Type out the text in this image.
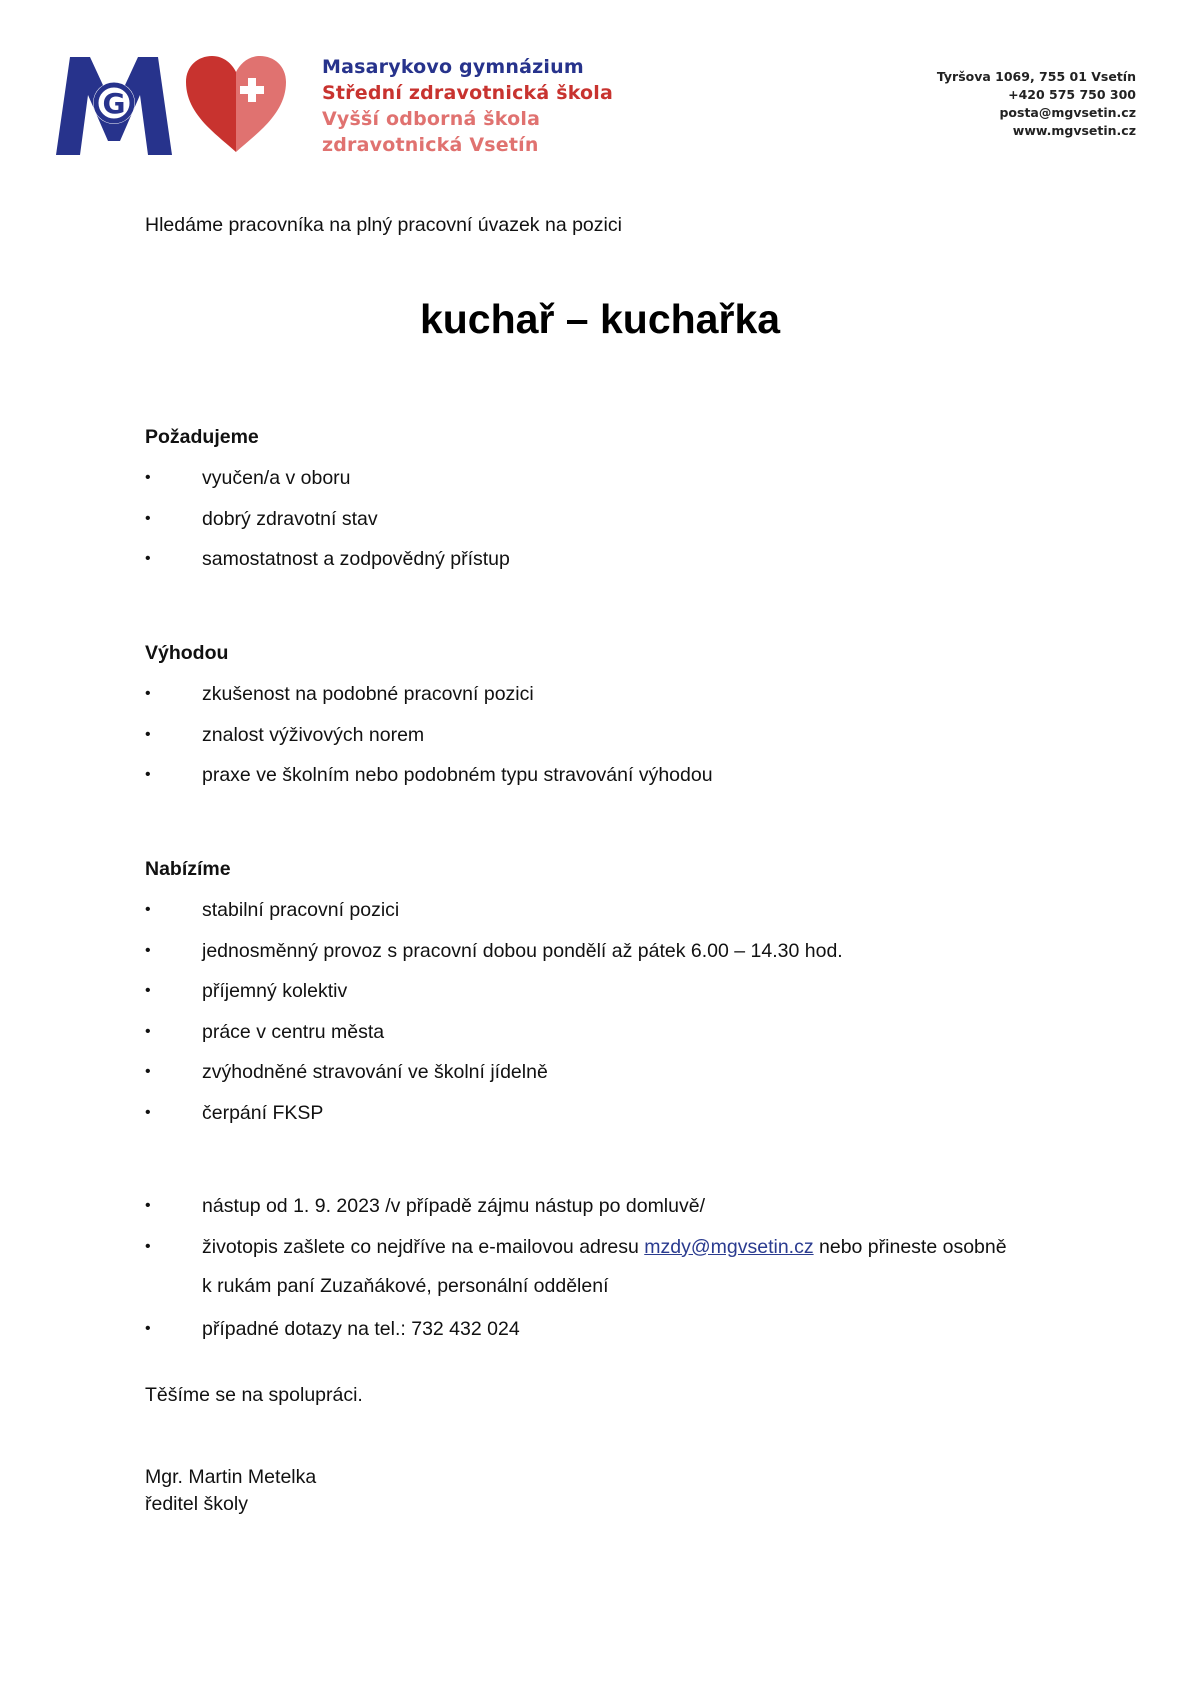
G
Masarykovo gymnázium
Střední zdravotnická škola
Vyšší odborná škola
zdravotnická Vsetín
Tyršova 1069, 755 01 Vsetín
+420 575 750 300
posta@mgvsetin.cz
www.mgvsetin.cz
Hledáme pracovníka na plný pracovní úvazek na pozici
kuchař – kuchařka
Požadujeme
•	vyučen/a v oboru
•	dobrý zdravotní stav
•	samostatnost a zodpovědný přístup
Výhodou
•	zkušenost na podobné pracovní pozici
•	znalost výživových norem
•	praxe ve školním nebo podobném typu stravování výhodou
Nabízíme
•	stabilní pracovní pozici
•	jednosměnný provoz s pracovní dobou pondělí až pátek 6.00 – 14.30 hod.
•	příjemný kolektiv
•	práce v centru města
•	zvýhodněné stravování ve školní jídelně
•	čerpání FKSP
•	nástup od 1. 9. 2023 /v případě zájmu nástup po domluvě/
•	životopis zašlete co nejdříve na e-mailovou adresu mzdy@mgvsetin.cz nebo přineste osobně
k rukám paní Zuzaňákové, personální oddělení
•	případné dotazy na tel.: 732 432 024
Těšíme se na spolupráci.
Mgr. Martin Metelka
ředitel školy
